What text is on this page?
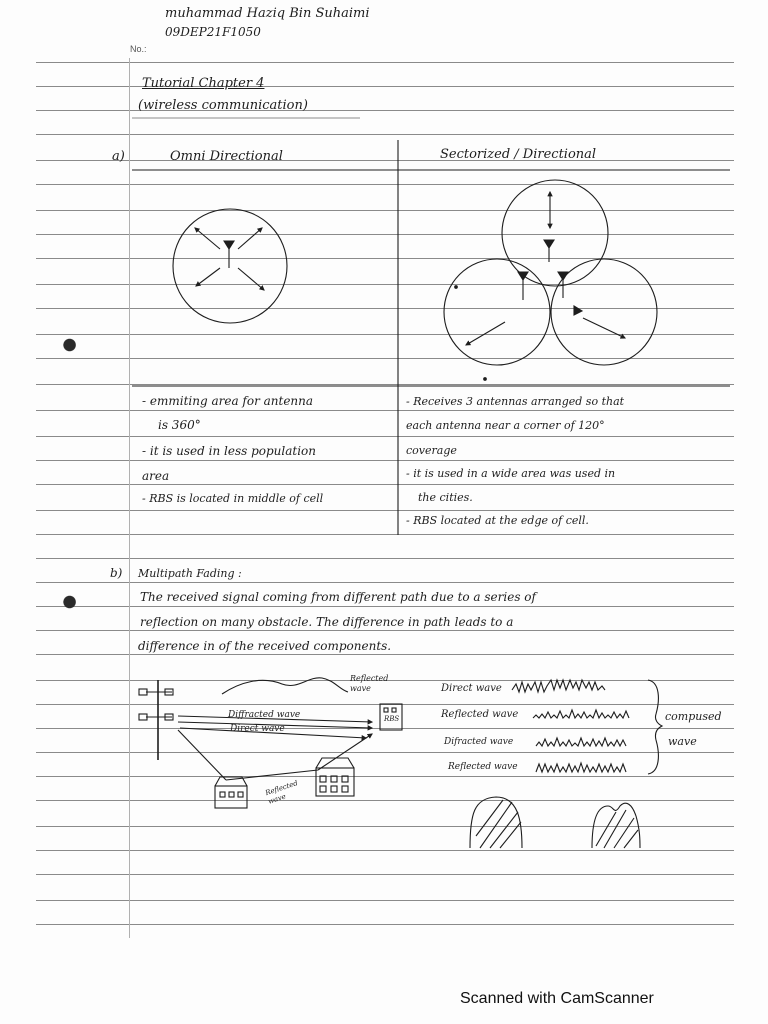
muhammad Haziq Bin Suhaimi
09DEP21F1050
No.:
Tutorial Chapter 4
(wireless communication)
a)	Omni Directional	Sectorized / Directional
- emmiting area for antenna
is 360°
- it is used in less population
area
- RBS is located in middle of cell
- Receives 3 antennas arranged so that
each antenna near a corner of 120°
coverage
- it is used in a wide area was used in
the cities.
- RBS located at the edge of cell.
b) Multipath Fading :
The received signal coming from different path due to a series of
reflection on many obstacle. The difference in path leads to a
difference in of the received components.
Reflected wave
Diffracted wave
Direct wave
Reflected wave
RBS
Direct wave
Reflected wave
Difracted wave
Reflected wave
compused
wave
Scanned with CamScanner
